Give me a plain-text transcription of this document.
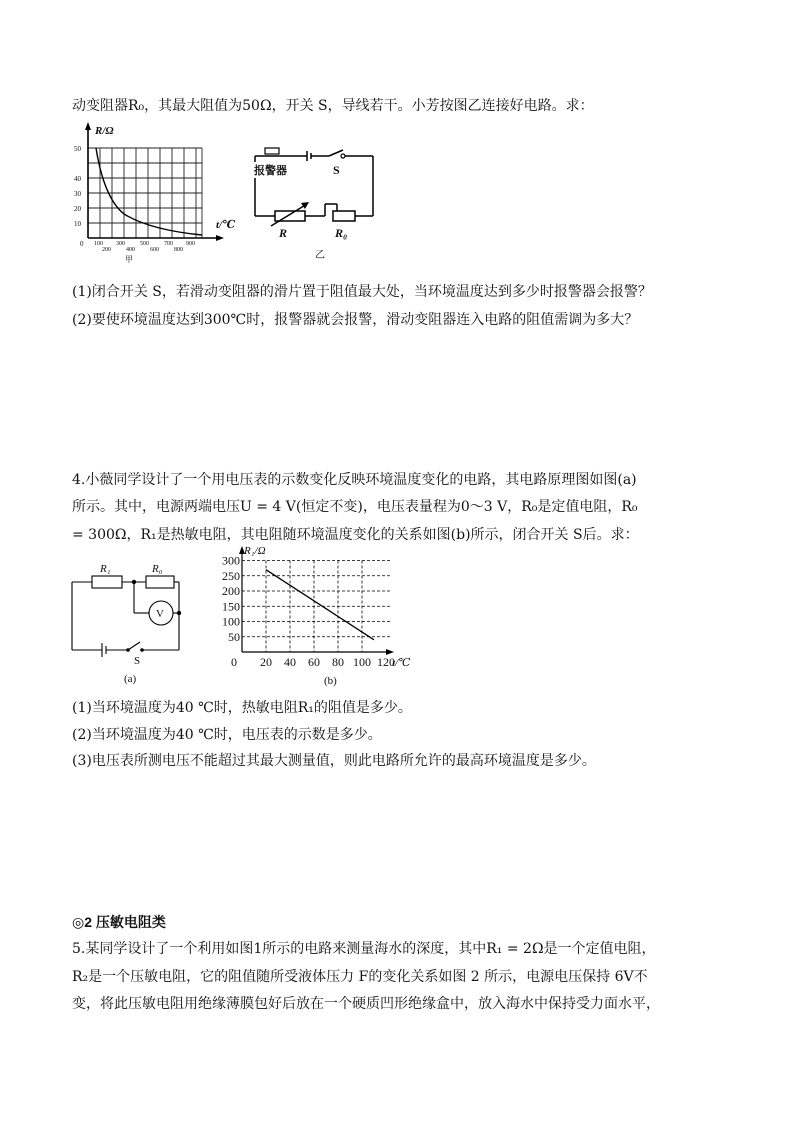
动变阻器R₀，其最大阻值为50Ω，开关 S，导线若干。小芳按图乙连接好电路。求：
R/Ω
t/℃
10
20
30
40
50
0 100
200
300
400
500
600
700
800
900
甲
报警器	S
R	R₀
乙
(1)闭合开关 S，若滑动变阻器的滑片置于阻值最大处，当环境温度达到多少时报警器会报警？
(2)要使环境温度达到300℃时，报警器就会报警，滑动变阻器连入电路的阻值需调为多大？
4.小薇同学设计了一个用电压表的示数变化反映环境温度变化的电路，其电路原理图如图(a)
所示。其中，电源两端电压U = 4 V(恒定不变)，电压表量程为0～3 V，R₀是定值电阻，R₀
= 300Ω，R₁是热敏电阻，其电阻随环境温度变化的关系如图(b)所示，闭合开关 S后。求：
R₁	R₀
V
S
(a)
300
250
200
150
100
50
0 20 40 60 80 100 120
R₁/Ω
t/℃
(b)
(1)当环境温度为40 ℃时，热敏电阻R₁的阻值是多少。
(2)当环境温度为40 ℃时，电压表的示数是多少。
(3)电压表所测电压不能超过其最大测量值，则此电路所允许的最高环境温度是多少。
◎2 压敏电阻类
5.某同学设计了一个利用如图1所示的电路来测量海水的深度，其中R₁ = 2Ω是一个定值电阻，
R₂是一个压敏电阻，它的阻值随所受液体压力 F的变化关系如图 2 所示，电源电压保持 6V不
变，将此压敏电阻用绝缘薄膜包好后放在一个硬质凹形绝缘盒中，放入海水中保持受力面水平，
